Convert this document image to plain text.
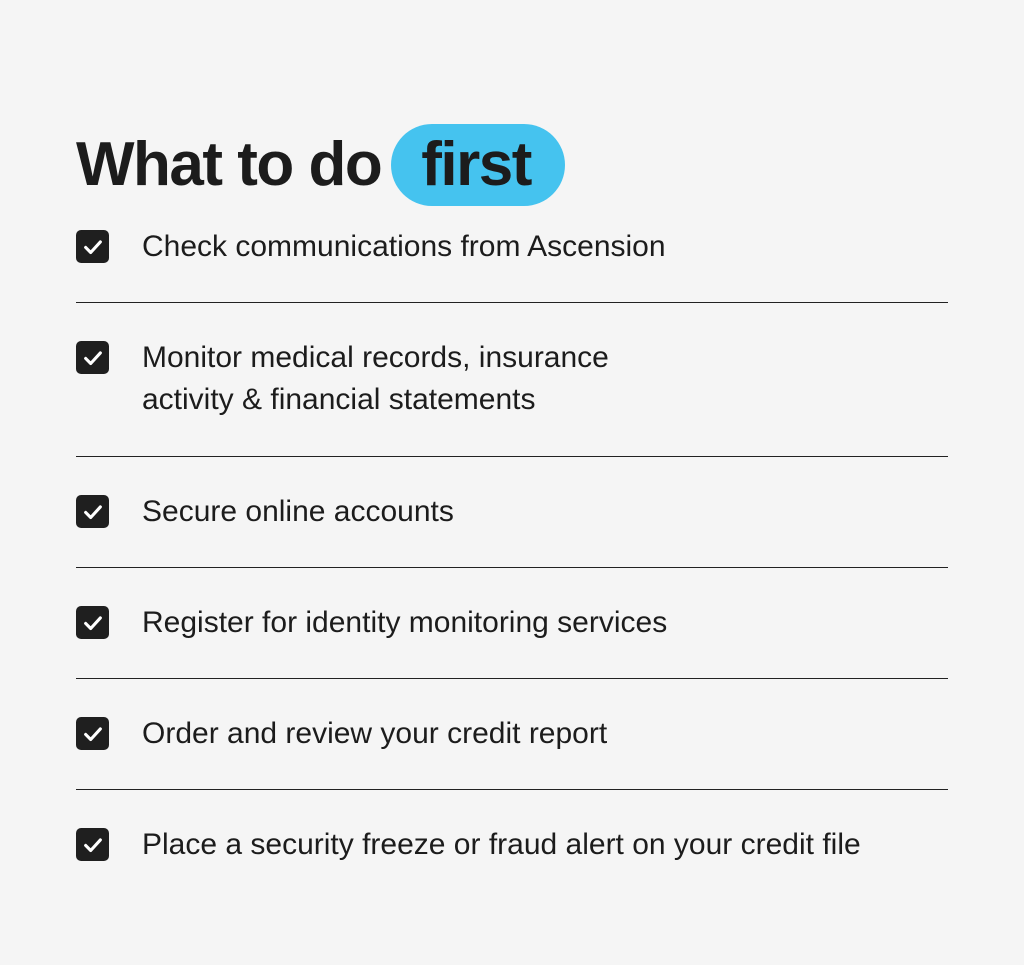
What to do first
Check communications from Ascension
Monitor medical records, insurance
activity & financial statements
Secure online accounts
Register for identity monitoring services
Order and review your credit report
Place a security freeze or fraud alert on your credit file
